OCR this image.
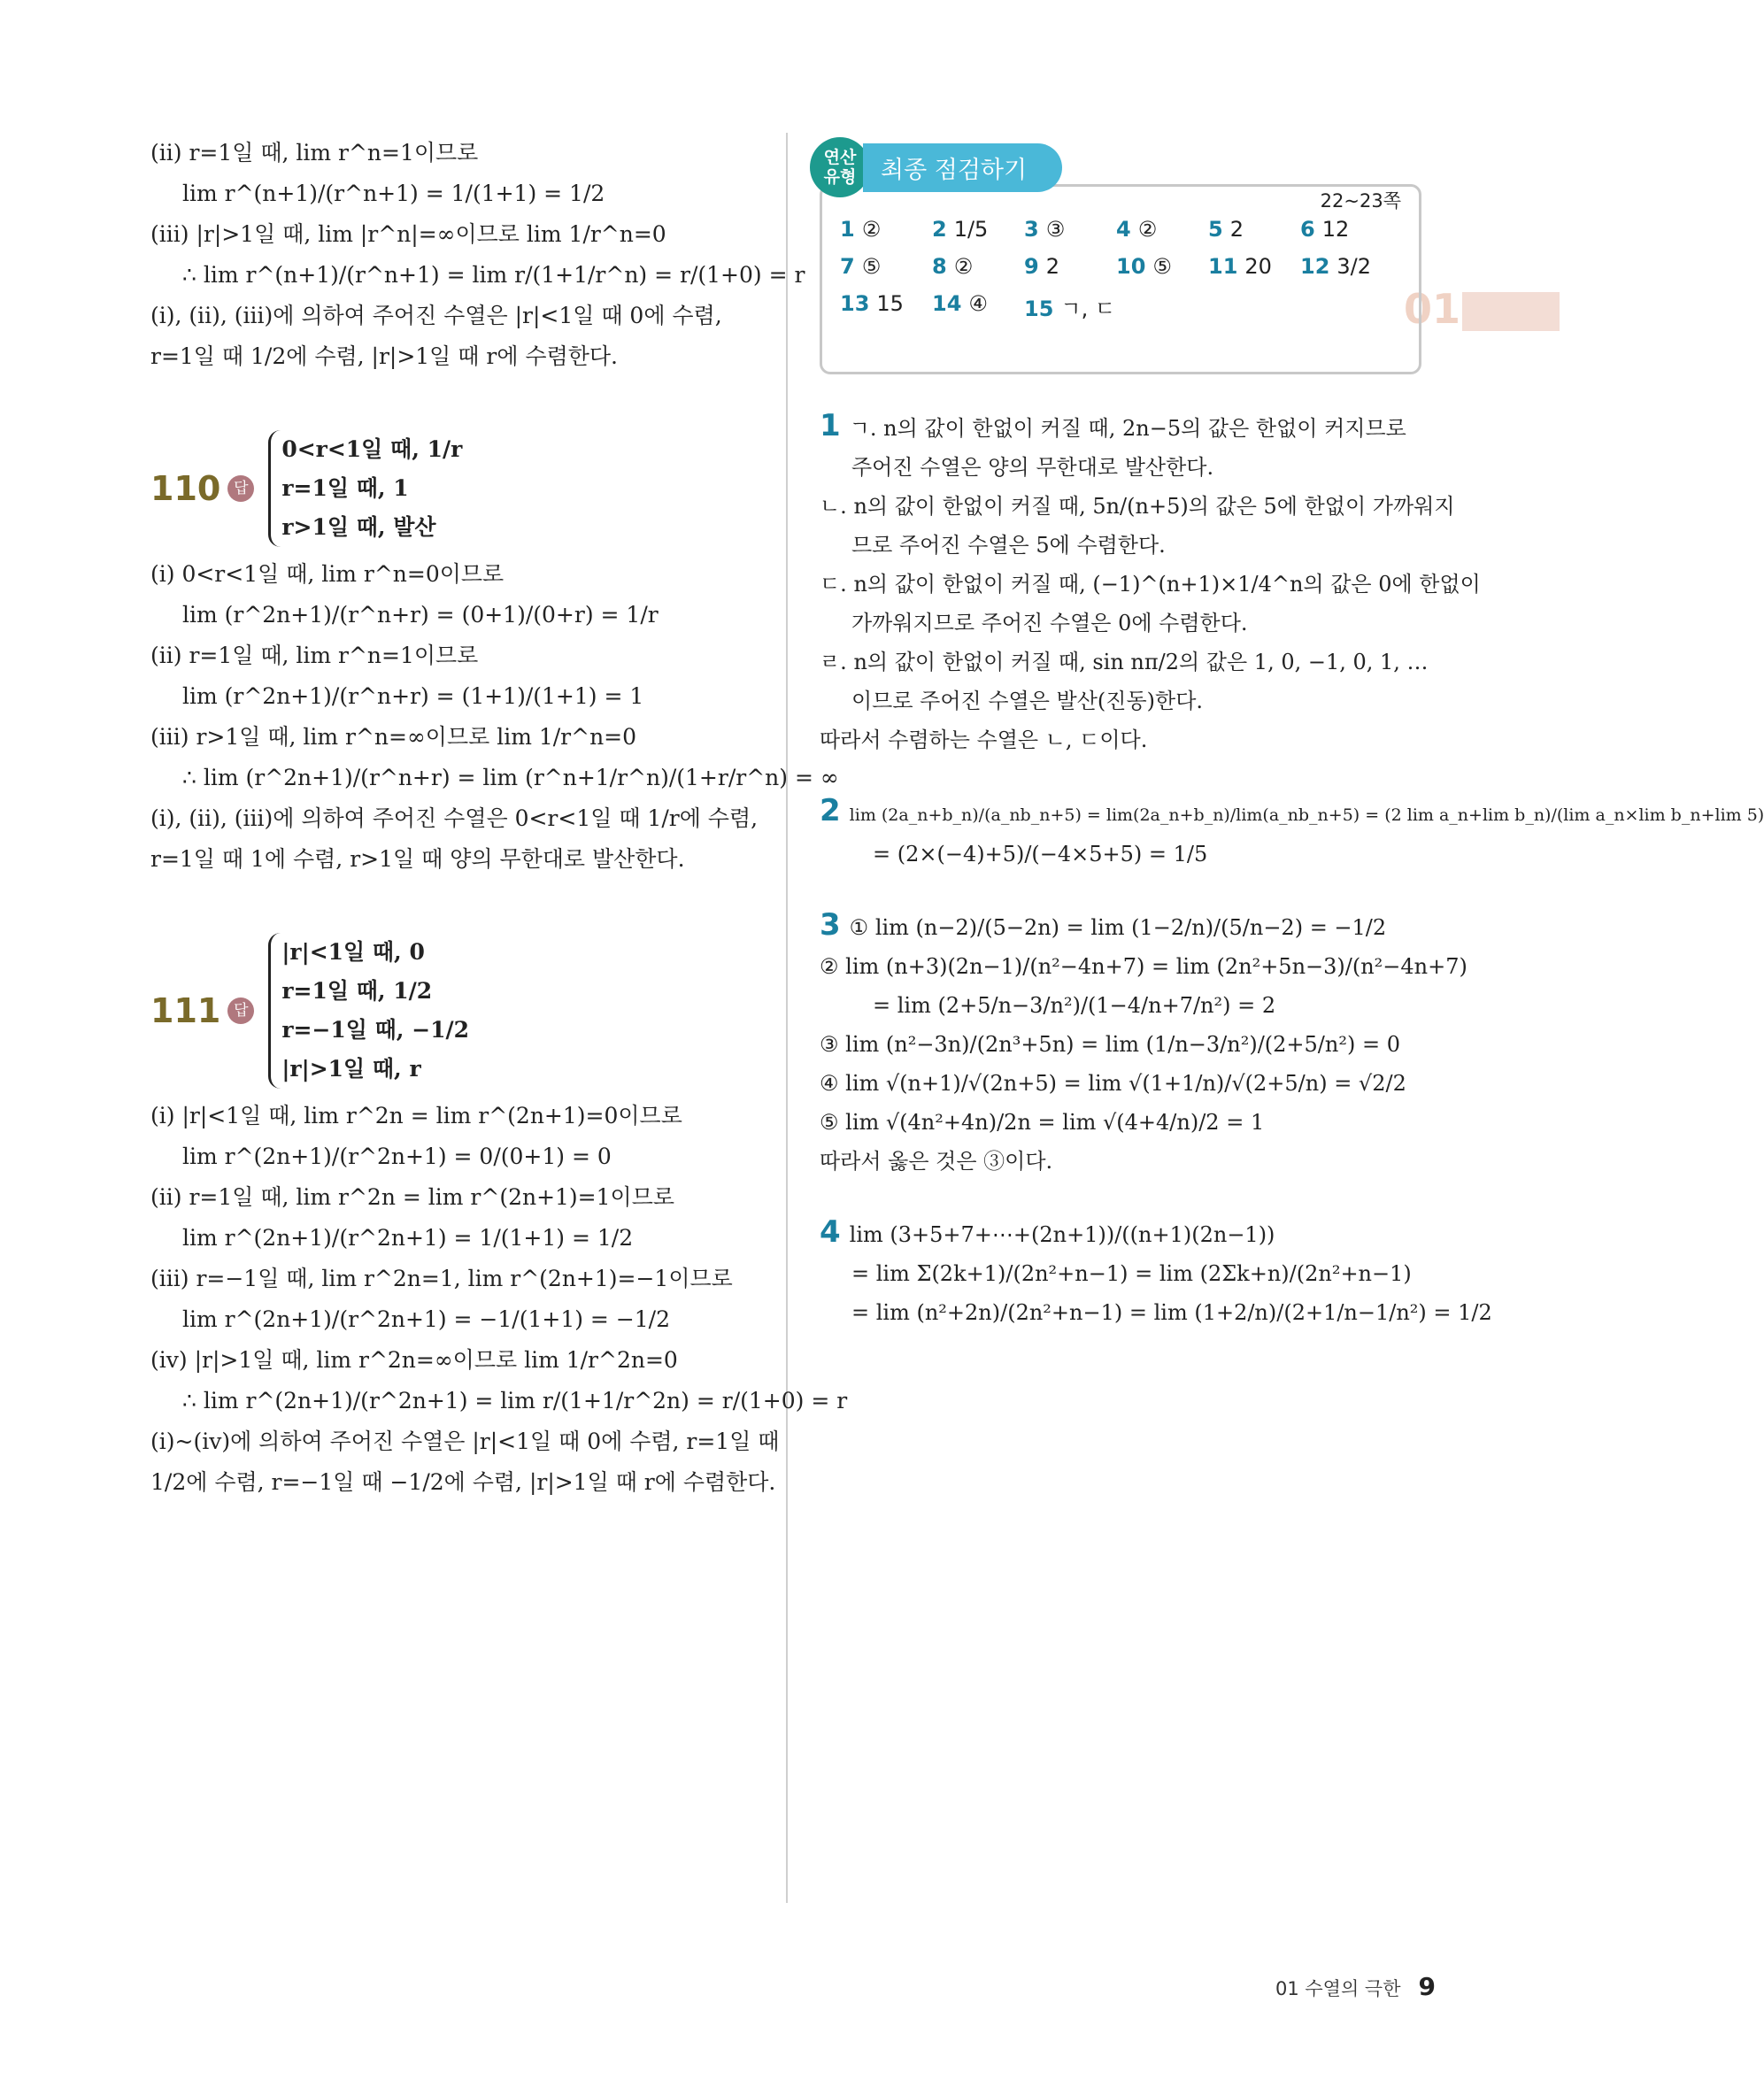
01
(ii) r=1일 때, lim r^n=1이므로
lim r^(n+1)/(r^n+1) = 1/(1+1) = 1/2
(iii) |r|>1일 때, lim |r^n|=∞이므로 lim 1/r^n=0
∴ lim r^(n+1)/(r^n+1) = lim r/(1+1/r^n) = r/(1+0) = r
(i), (ii), (iii)에 의하여 주어진 수열은 |r|<1일 때 0에 수렴,
r=1일 때 1/2에 수렴, |r|>1일 때 r에 수렴한다.
110 답
0<r<1일 때, 1/r
r=1일 때, 1
r>1일 때, 발산
(i) 0<r<1일 때, lim r^n=0이므로
lim (r^2n+1)/(r^n+r) = (0+1)/(0+r) = 1/r
(ii) r=1일 때, lim r^n=1이므로
lim (r^2n+1)/(r^n+r) = (1+1)/(1+1) = 1
(iii) r>1일 때, lim r^n=∞이므로 lim 1/r^n=0
∴ lim (r^2n+1)/(r^n+r) = lim (r^n+1/r^n)/(1+r/r^n) = ∞
(i), (ii), (iii)에 의하여 주어진 수열은 0<r<1일 때 1/r에 수렴,
r=1일 때 1에 수렴, r>1일 때 양의 무한대로 발산한다.
111 답
|r|<1일 때, 0
r=1일 때, 1/2
r=−1일 때, −1/2
|r|>1일 때, r
(i) |r|<1일 때, lim r^2n = lim r^(2n+1)=0이므로
lim r^(2n+1)/(r^2n+1) = 0/(0+1) = 0
(ii) r=1일 때, lim r^2n = lim r^(2n+1)=1이므로
lim r^(2n+1)/(r^2n+1) = 1/(1+1) = 1/2
(iii) r=−1일 때, lim r^2n=1, lim r^(2n+1)=−1이므로
lim r^(2n+1)/(r^2n+1) = −1/(1+1) = −1/2
(iv) |r|>1일 때, lim r^2n=∞이므로 lim 1/r^2n=0
∴ lim r^(2n+1)/(r^2n+1) = lim r/(1+1/r^2n) = r/(1+0) = r
(i)~(iv)에 의하여 주어진 수열은 |r|<1일 때 0에 수렴, r=1일 때
1/2에 수렴, r=−1일 때 −1/2에 수렴, |r|>1일 때 r에 수렴한다.
연산
유형	최종 점검하기
22~23쪽
1 ②	2 1/5	3 ③	4 ②	5 2	6 12
7 ⑤	8 ②	9 2	10 ⑤	11 20	12 3/2
13 15	14 ④	15 ㄱ, ㄷ
1 ㄱ. n의 값이 한없이 커질 때, 2n−5의 값은 한없이 커지므로
주어진 수열은 양의 무한대로 발산한다.
ㄴ. n의 값이 한없이 커질 때, 5n/(n+5)의 값은 5에 한없이 가까워지
므로 주어진 수열은 5에 수렴한다.
ㄷ. n의 값이 한없이 커질 때, (−1)^(n+1)×1/4^n의 값은 0에 한없이
가까워지므로 주어진 수열은 0에 수렴한다.
ㄹ. n의 값이 한없이 커질 때, sin nπ/2의 값은 1, 0, −1, 0, 1, …
이므로 주어진 수열은 발산(진동)한다.
따라서 수렴하는 수열은 ㄴ, ㄷ이다.
2 lim (2a_n+b_n)/(a_nb_n+5) = lim(2a_n+b_n)/lim(a_nb_n+5) = (2 lim a_n+lim b_n)/(lim a_n×lim b_n+lim 5)
= (2×(−4)+5)/(−4×5+5) = 1/5
3 ① lim (n−2)/(5−2n) = lim (1−2/n)/(5/n−2) = −1/2
② lim (n+3)(2n−1)/(n²−4n+7) = lim (2n²+5n−3)/(n²−4n+7)
= lim (2+5/n−3/n²)/(1−4/n+7/n²) = 2
③ lim (n²−3n)/(2n³+5n) = lim (1/n−3/n²)/(2+5/n²) = 0
④ lim √(n+1)/√(2n+5) = lim √(1+1/n)/√(2+5/n) = √2/2
⑤ lim √(4n²+4n)/2n = lim √(4+4/n)/2 = 1
따라서 옳은 것은 ③이다.
4 lim (3+5+7+⋯+(2n+1))/((n+1)(2n−1))
= lim Σ(2k+1)/(2n²+n−1) = lim (2Σk+n)/(2n²+n−1)
= lim (n²+2n)/(2n²+n−1) = lim (1+2/n)/(2+1/n−1/n²) = 1/2
01 수열의 극한 9
